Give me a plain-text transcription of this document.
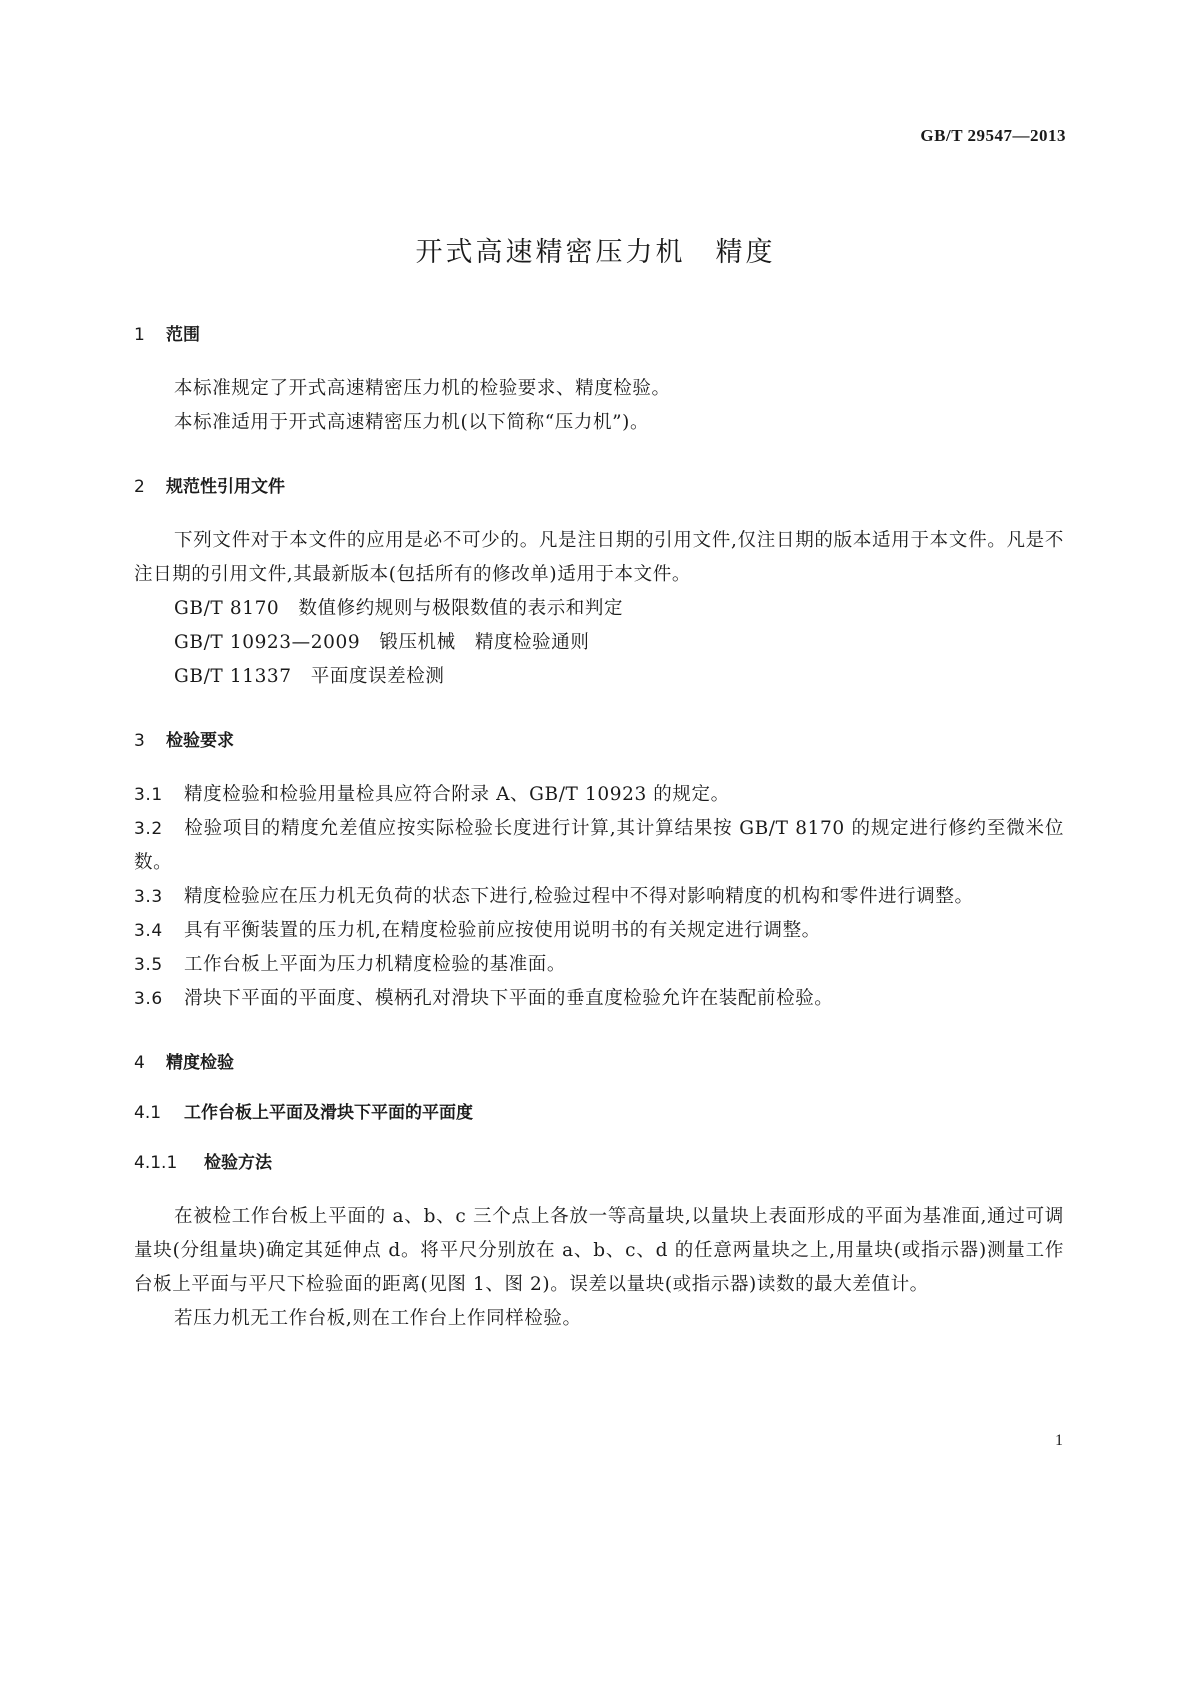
GB/T 29547—2013
开式高速精密压力机　精度
1 范围

本标准规定了开式高速精密压力机的检验要求、精度检验。

本标准适用于开式高速精密压力机(以下简称“压力机”)。

2 规范性引用文件

下列文件对于本文件的应用是必不可少的。凡是注日期的引用文件,仅注日期的版本适用于本文件。凡是不注日期的引用文件,其最新版本(包括所有的修改单)适用于本文件。

GB/T 8170　数值修约规则与极限数值的表示和判定

GB/T 10923—2009　锻压机械　精度检验通则

GB/T 11337　平面度误差检测

3 检验要求

3.1 精度检验和检验用量检具应符合附录 A、GB/T 10923 的规定。

3.2 检验项目的精度允差值应按实际检验长度进行计算,其计算结果按 GB/T 8170 的规定进行修约至微米位数。

3.3 精度检验应在压力机无负荷的状态下进行,检验过程中不得对影响精度的机构和零件进行调整。

3.4 具有平衡装置的压力机,在精度检验前应按使用说明书的有关规定进行调整。

3.5 工作台板上平面为压力机精度检验的基准面。

3.6 滑块下平面的平面度、模柄孔对滑块下平面的垂直度检验允许在装配前检验。

4 精度检验
4.1 工作台板上平面及滑块下平面的平面度
4.1.1 检验方法

在被检工作台板上平面的 a、b、c 三个点上各放一等高量块,以量块上表面形成的平面为基准面,通过可调量块(分组量块)确定其延伸点 d。将平尺分别放在 a、b、c、d 的任意两量块之上,用量块(或指示器)测量工作台板上平面与平尺下检验面的距离(见图 1、图 2)。误差以量块(或指示器)读数的最大差值计。

若压力机无工作台板,则在工作台上作同样检验。

1
